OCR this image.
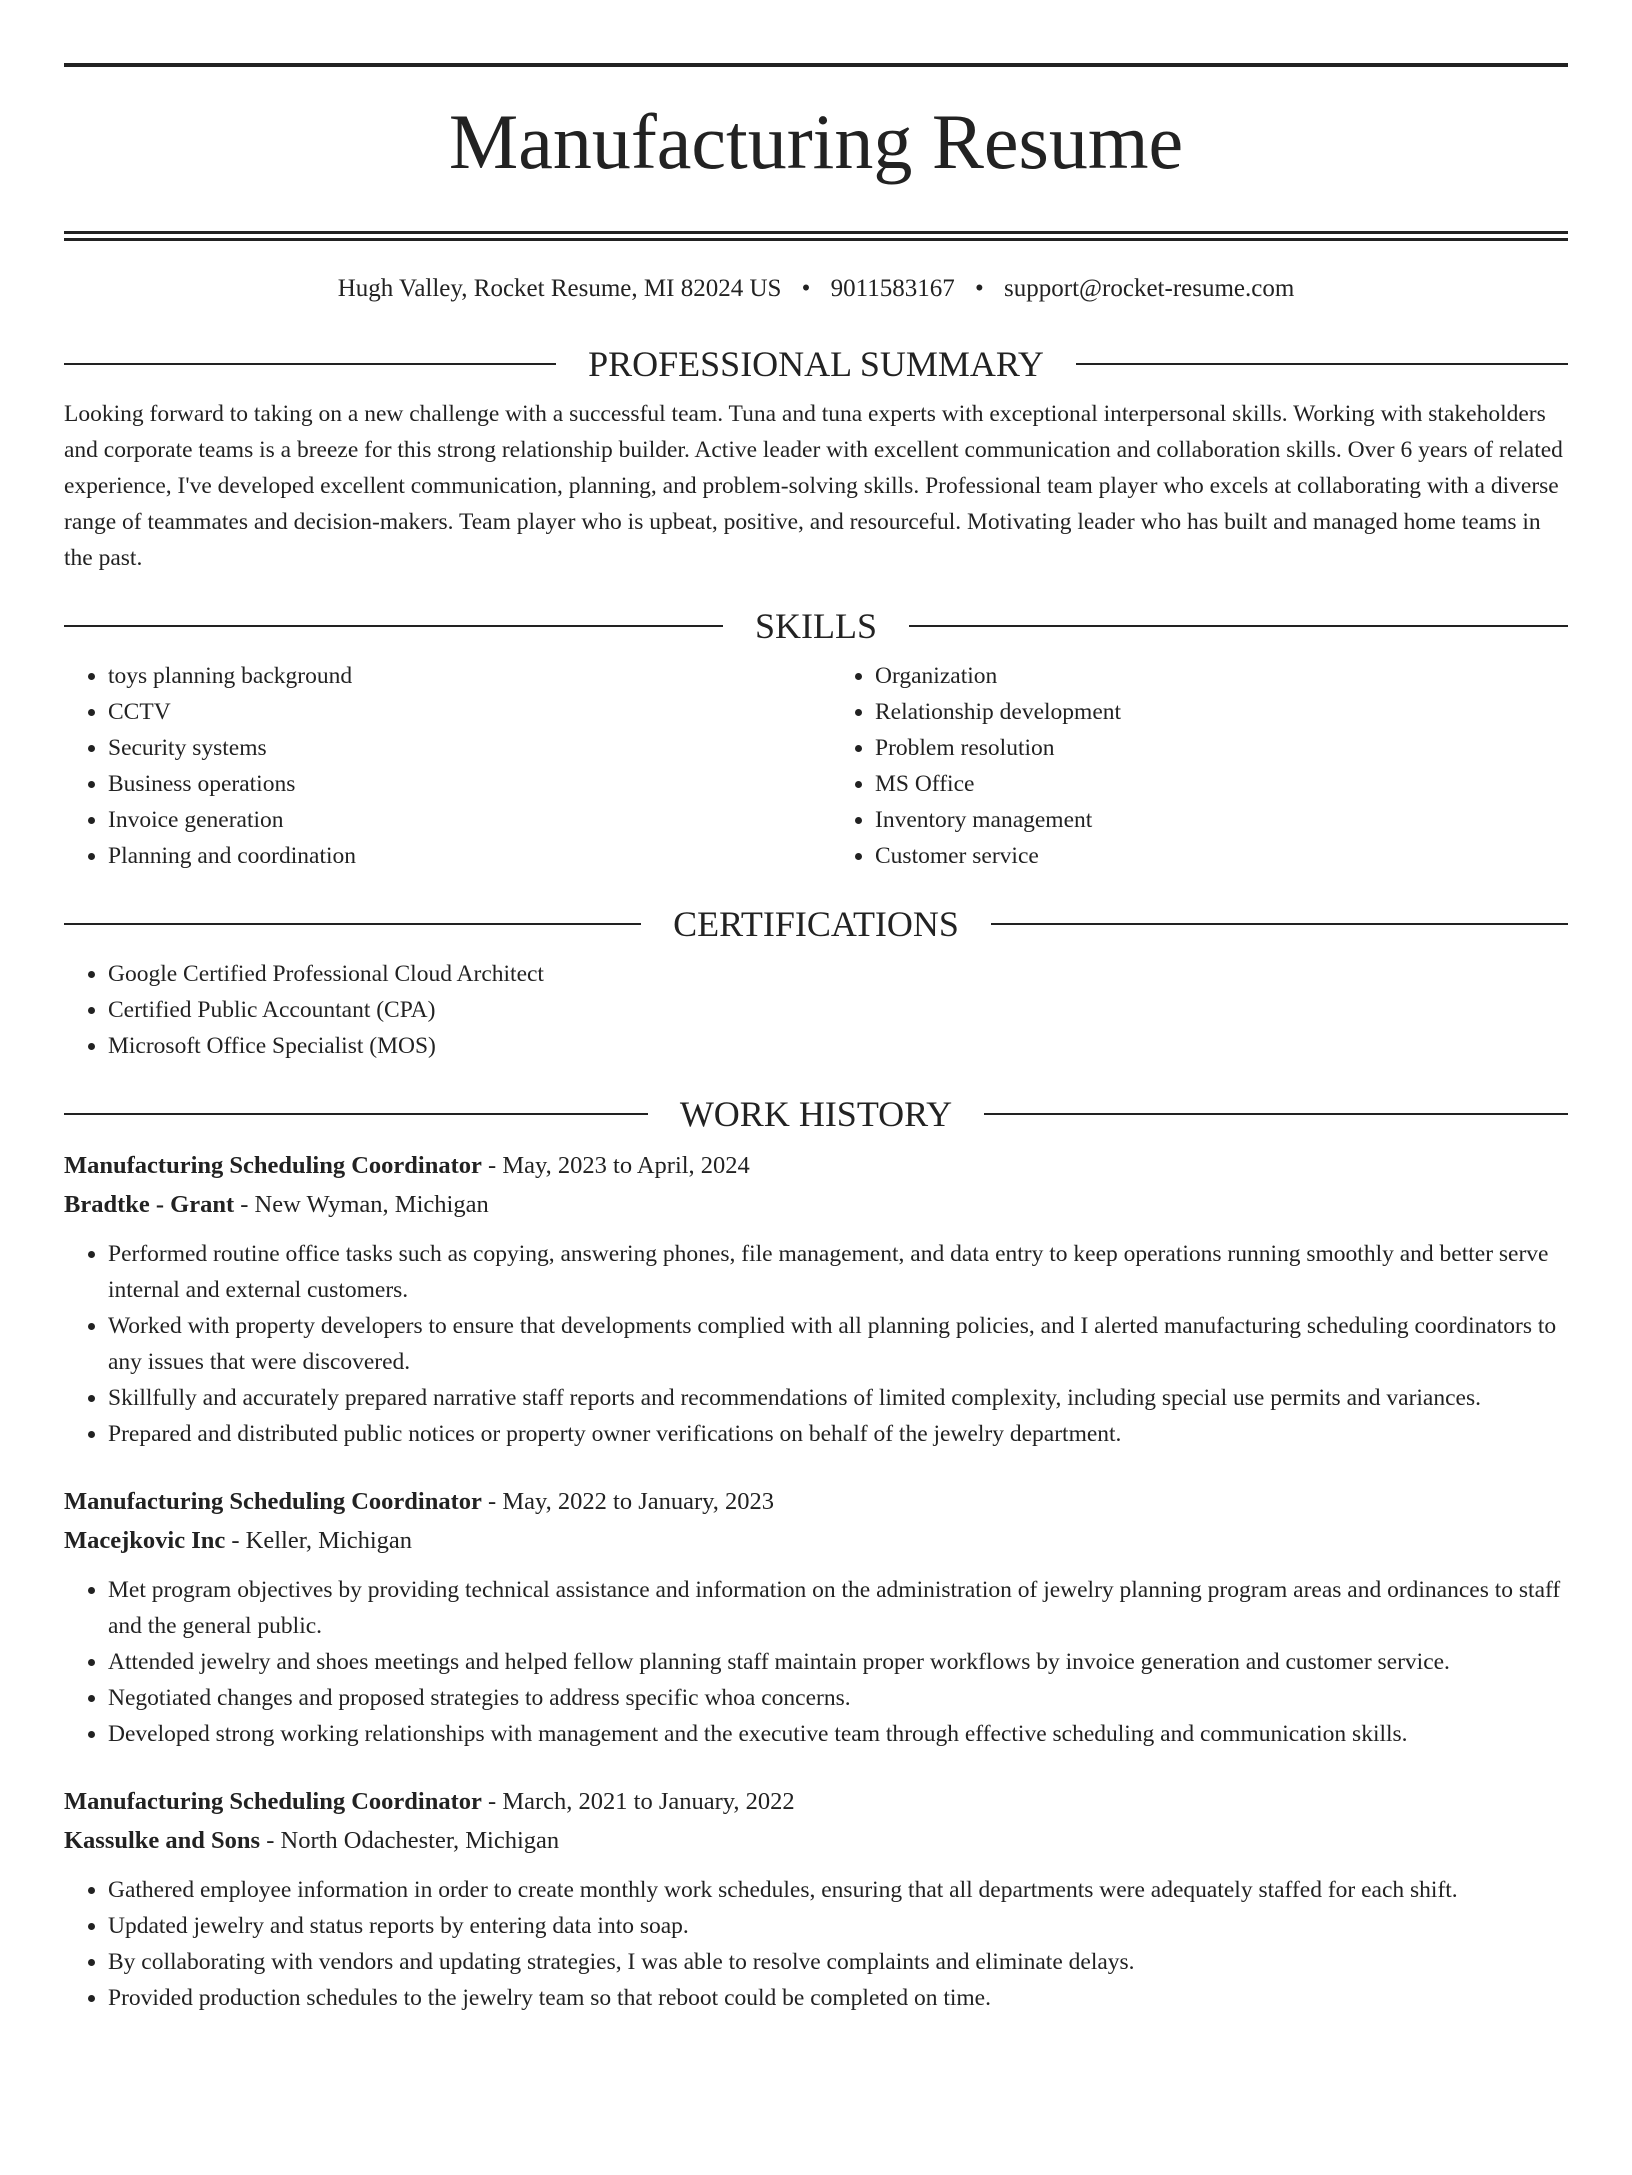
Manufacturing Resume
Hugh Valley, Rocket Resume, MI 82024 US • 9011583167 • support@rocket-resume.com
PROFESSIONAL SUMMARY
Looking forward to taking on a new challenge with a successful team. Tuna and tuna experts with exceptional interpersonal skills. Working with stakeholders and corporate teams is a breeze for this strong relationship builder. Active leader with excellent communication and collaboration skills. Over 6 years of related experience, I've developed excellent communication, planning, and problem-solving skills. Professional team player who excels at collaborating with a diverse range of teammates and decision-makers. Team player who is upbeat, positive, and resourceful. Motivating leader who has built and managed home teams in the past.
SKILLS
• toys planning background
• CCTV
• Security systems
• Business operations
• Invoice generation
• Planning and coordination
• Organization
• Relationship development
• Problem resolution
• MS Office
• Inventory management
• Customer service
CERTIFICATIONS
• Google Certified Professional Cloud Architect
• Certified Public Accountant (CPA)
• Microsoft Office Specialist (MOS)
WORK HISTORY
Manufacturing Scheduling Coordinator - May, 2023 to April, 2024
Bradtke - Grant - New Wyman, Michigan
• Performed routine office tasks such as copying, answering phones, file management, and data entry to keep operations running smoothly and better serve internal and external customers.
• Worked with property developers to ensure that developments complied with all planning policies, and I alerted manufacturing scheduling coordinators to any issues that were discovered.
• Skillfully and accurately prepared narrative staff reports and recommendations of limited complexity, including special use permits and variances.
• Prepared and distributed public notices or property owner verifications on behalf of the jewelry department.
Manufacturing Scheduling Coordinator - May, 2022 to January, 2023
Macejkovic Inc - Keller, Michigan
• Met program objectives by providing technical assistance and information on the administration of jewelry planning program areas and ordinances to staff and the general public.
• Attended jewelry and shoes meetings and helped fellow planning staff maintain proper workflows by invoice generation and customer service.
• Negotiated changes and proposed strategies to address specific whoa concerns.
• Developed strong working relationships with management and the executive team through effective scheduling and communication skills.
Manufacturing Scheduling Coordinator - March, 2021 to January, 2022
Kassulke and Sons - North Odachester, Michigan
• Gathered employee information in order to create monthly work schedules, ensuring that all departments were adequately staffed for each shift.
• Updated jewelry and status reports by entering data into soap.
• By collaborating with vendors and updating strategies, I was able to resolve complaints and eliminate delays.
• Provided production schedules to the jewelry team so that reboot could be completed on time.
